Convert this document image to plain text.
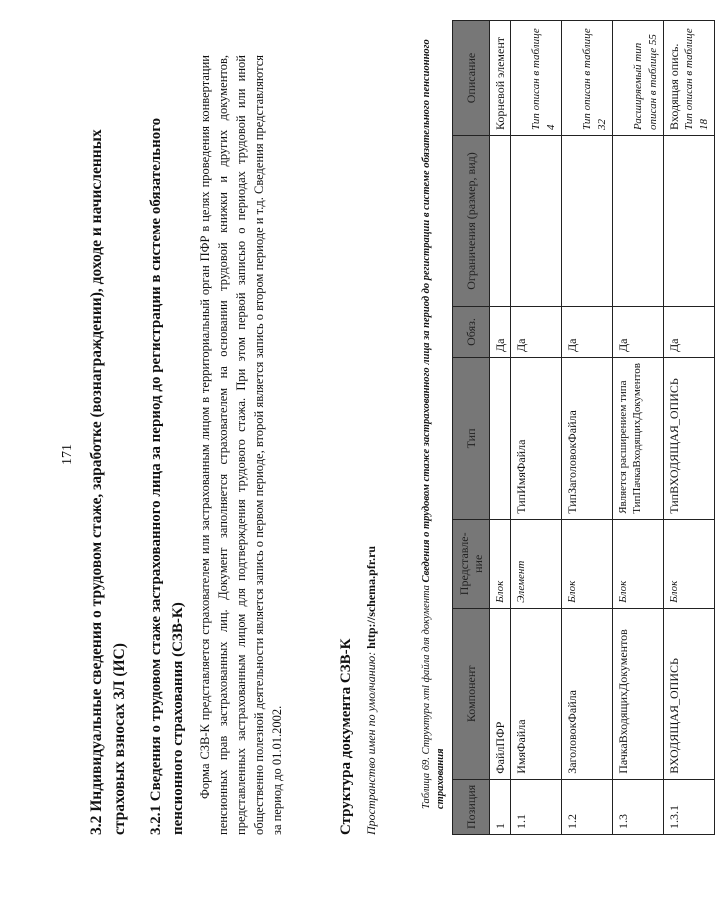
171 3.2 Индивидуальные сведения о трудовом стаже, заработке (вознаграждении), доходе и начисленных страховых взносах ЗЛ (ИС) 3.2.1 Сведения о трудовом стаже застрахованного лица за период до регистрации в системе обязательного пенсионного страхования (СЗВ-К) Форма СЗВ-К представляется страхователем или застрахованным лицом в территориальный орган ПФР в целях проведения конвертации пенсионных прав застрахованных лиц. Документ заполняется страхователем на основании трудовой книжки и других документов, представленных застрахованным лицом для подтверждения трудового стажа. При этом первой записью о периодах трудовой или иной общественно полезной деятельности является запись о первом периоде, второй является запись о втором периоде и т.д. Сведения представляются за период до 01.01.2002.	Структура документа СЗВ-К Пространство имен по умолчанию: http://schema.pfr.ru	Таблица 69. Структура xml файла для документа Сведения о трудовом стаже застрахованного лица за период до регистрации в системе обязательного пенсионного страхования Позиция	Компонент	Представле-ние	Тип	Обяз.	Ограничения (размер, вид)	Описание
1	ФайлПФР	Блок		Да		Корневой элемент

1.1	ИмяФайла	Элемент	ТипИмяФайла	Да		Тип описан в таблице 4
1.2	ЗаголовокФайла	Блок	ТипЗаголовокФайла	Да		Тип описан в таблице 32
1.3	ПачкаВходящихДокументов	Блок	Является расширением типа ТипПачкаВходящихДокументов	Да		Расширяемый тип описан в таблице 55
1.3.1	ВХОДЯЩАЯ_ОПИСЬ	Блок	ТипВХОДЯЩАЯ_ОПИСЬ	Да		Входящая опись. Тип описан в таблице 18
